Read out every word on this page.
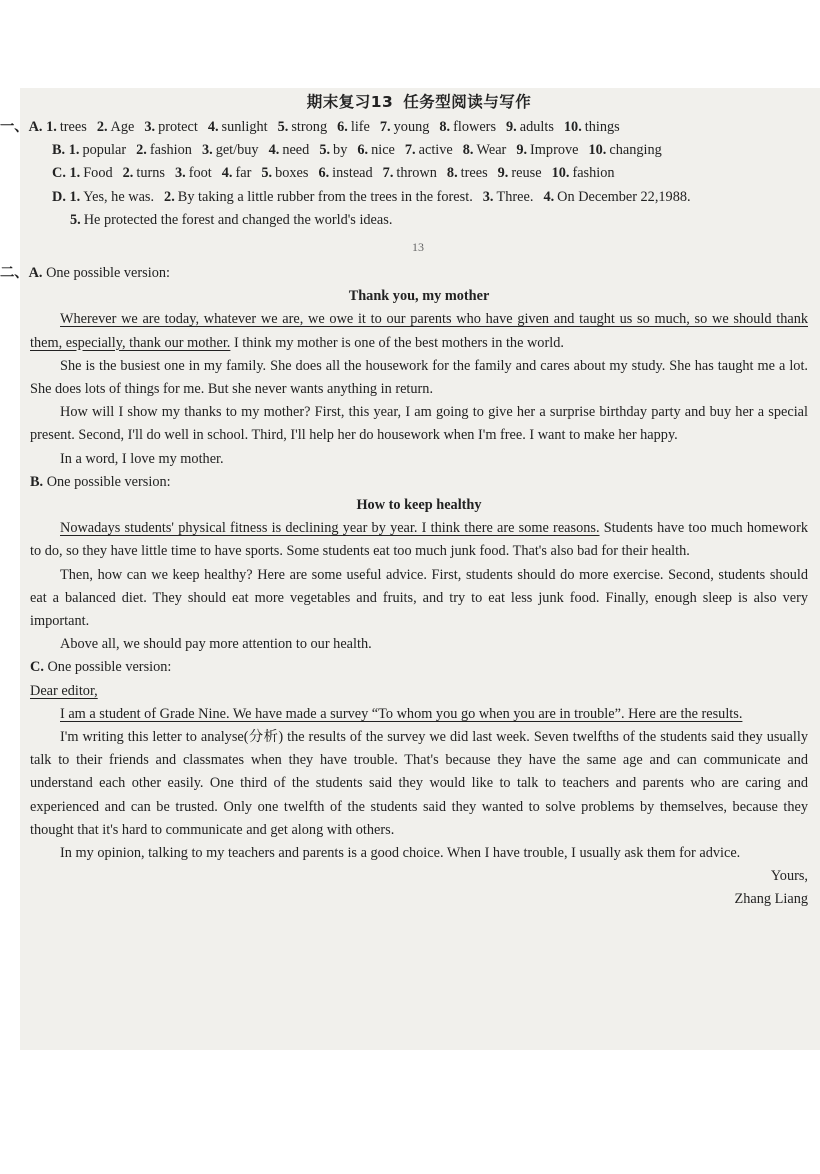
13
期末复习13 任务型阅读与写作
一、A. 1. trees 2. Age 3. protect 4. sunlight 5. strong 6. life 7. young 8. flowers 9. adults 10. things
B. 1. popular 2. fashion 3. get/buy 4. need 5. by 6. nice 7. active 8. Wear 9. Improve 10. changing
C. 1. Food 2. turns 3. foot 4. far 5. boxes 6. instead 7. thrown 8. trees 9. reuse 10. fashion
D. 1. Yes, he was. 2. By taking a little rubber from the trees in the forest. 3. Three. 4. On December 22,1988.
5. He protected the forest and changed the world's ideas.
二、A. One possible version:
Thank you, my mother

Wherever we are today, whatever we are, we owe it to our parents who have given and taught us so much, so we should thank them, especially, thank our mother. I think my mother is one of the best mothers in the world.

She is the busiest one in my family. She does all the housework for the family and cares about my study. She has taught me a lot. She does lots of things for me. But she never wants anything in return.

How will I show my thanks to my mother? First, this year, I am going to give her a surprise birthday party and buy her a special present. Second, I'll do well in school. Third, I'll help her do housework when I'm free. I want to make her happy.

In a word, I love my mother.

B. One possible version:
How to keep healthy

Nowadays students' physical fitness is declining year by year. I think there are some reasons. Students have too much homework to do, so they have little time to have sports. Some students eat too much junk food. That's also bad for their health.

Then, how can we keep healthy? Here are some useful advice. First, students should do more exercise. Second, students should eat a balanced diet. They should eat more vegetables and fruits, and try to eat less junk food. Finally, enough sleep is also very important.

Above all, we should pay more attention to our health.

C. One possible version:
Dear editor,

I am a student of Grade Nine. We have made a survey “To whom you go when you are in trouble”. Here are the results.

I'm writing this letter to analyse(分析) the results of the survey we did last week. Seven twelfths of the students said they usually talk to their friends and classmates when they have trouble. That's because they have the same age and can communicate and understand each other easily. One third of the students said they would like to talk to teachers and parents who are caring and experienced and can be trusted. Only one twelfth of the students said they wanted to solve problems by themselves, because they thought that it's hard to communicate and get along with others.

In my opinion, talking to my teachers and parents is a good choice. When I have trouble, I usually ask them for advice.

Yours,
Zhang Liang
